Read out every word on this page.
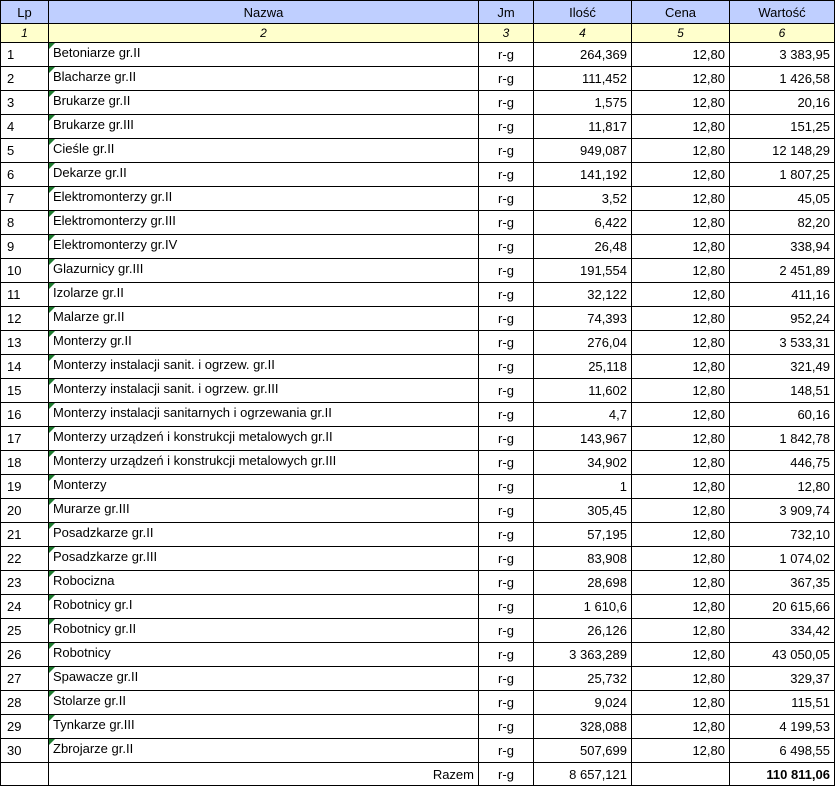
Lp	Nazwa	Jm	Ilość	Cena	Wartość
1	2	3	4	5	6
1	Betoniarze gr.II	r-g	264,369	12,80	3 383,95
2	Blacharze gr.II	r-g	111,452	12,80	1 426,58
3	Brukarze gr.II	r-g	1,575	12,80	20,16
4	Brukarze gr.III	r-g	11,817	12,80	151,25
5	Cieśle gr.II	r-g	949,087	12,80	12 148,29
6	Dekarze gr.II	r-g	141,192	12,80	1 807,25
7	Elektromonterzy gr.II	r-g	3,52	12,80	45,05
8	Elektromonterzy gr.III	r-g	6,422	12,80	82,20
9	Elektromonterzy gr.IV	r-g	26,48	12,80	338,94
10	Glazurnicy gr.III	r-g	191,554	12,80	2 451,89
11	Izolarze gr.II	r-g	32,122	12,80	411,16
12	Malarze gr.II	r-g	74,393	12,80	952,24
13	Monterzy gr.II	r-g	276,04	12,80	3 533,31
14	Monterzy instalacji sanit. i ogrzew. gr.II	r-g	25,118	12,80	321,49
15	Monterzy instalacji sanit. i ogrzew. gr.III	r-g	11,602	12,80	148,51
16	Monterzy instalacji sanitarnych i ogrzewania gr.II	r-g	4,7	12,80	60,16
17	Monterzy urządzeń i konstrukcji metalowych gr.II	r-g	143,967	12,80	1 842,78
18	Monterzy urządzeń i konstrukcji metalowych gr.III	r-g	34,902	12,80	446,75
19	Monterzy	r-g	1	12,80	12,80
20	Murarze gr.III	r-g	305,45	12,80	3 909,74
21	Posadzkarze gr.II	r-g	57,195	12,80	732,10
22	Posadzkarze gr.III	r-g	83,908	12,80	1 074,02
23	Robocizna	r-g	28,698	12,80	367,35
24	Robotnicy gr.I	r-g	1 610,6	12,80	20 615,66
25	Robotnicy gr.II	r-g	26,126	12,80	334,42
26	Robotnicy	r-g	3 363,289	12,80	43 050,05
27	Spawacze gr.II	r-g	25,732	12,80	329,37
28	Stolarze gr.II	r-g	9,024	12,80	115,51
29	Tynkarze gr.III	r-g	328,088	12,80	4 199,53
30	Zbrojarze gr.II	r-g	507,699	12,80	6 498,55
	Razem	r-g	8 657,121		110 811,06
